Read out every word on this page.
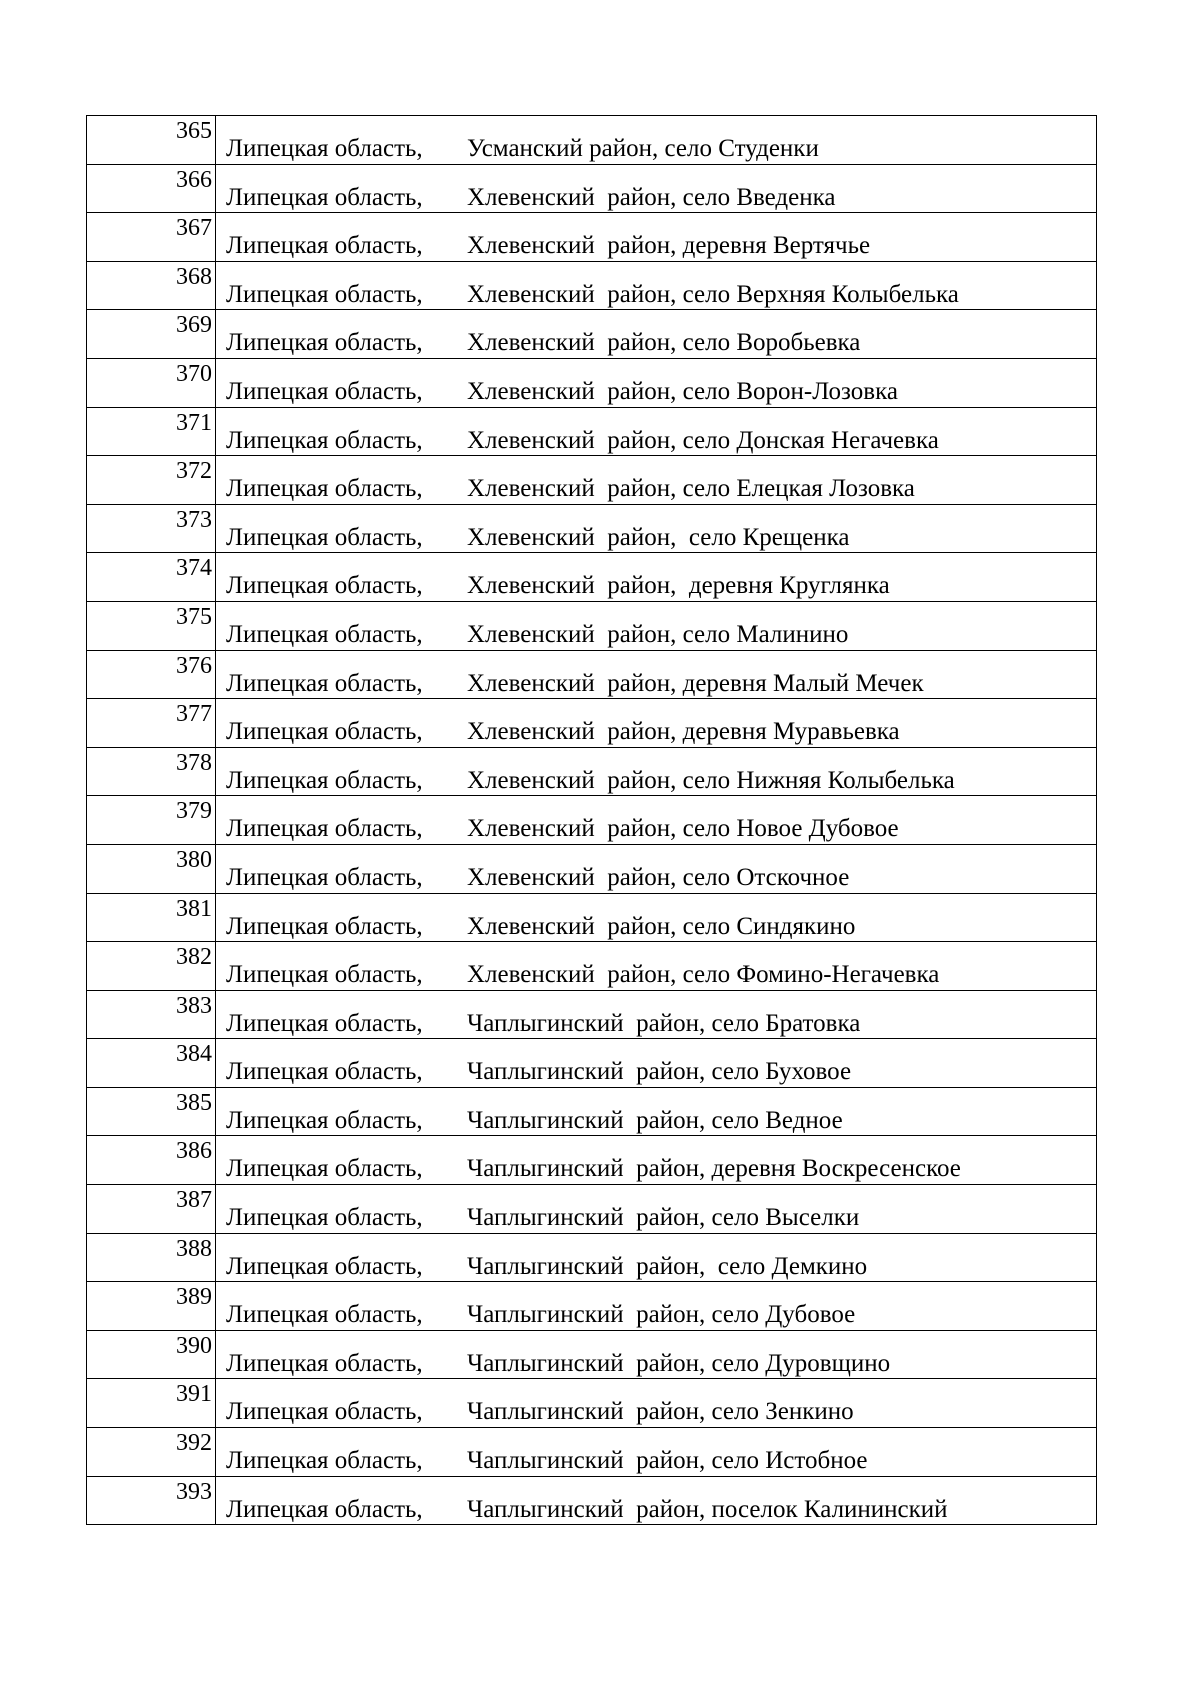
365	Липецкая область, Усманский район, село Студенки
366	Липецкая область, Хлевенский  район, село Введенка
367	Липецкая область, Хлевенский  район, деревня Вертячье
368	Липецкая область, Хлевенский  район, село Верхняя Колыбелька
369	Липецкая область, Хлевенский  район, село Воробьевка
370	Липецкая область, Хлевенский  район, село Ворон-Лозовка
371	Липецкая область, Хлевенский  район, село Донская Негачевка
372	Липецкая область, Хлевенский  район, село Елецкая Лозовка
373	Липецкая область, Хлевенский  район,  село Крещенка
374	Липецкая область, Хлевенский  район,  деревня Круглянка
375	Липецкая область, Хлевенский  район, село Малинино
376	Липецкая область, Хлевенский  район, деревня Малый Мечек
377	Липецкая область, Хлевенский  район, деревня Муравьевка
378	Липецкая область, Хлевенский  район, село Нижняя Колыбелька
379	Липецкая область, Хлевенский  район, село Новое Дубовое
380	Липецкая область, Хлевенский  район, село Отскочное
381	Липецкая область, Хлевенский  район, село Синдякино
382	Липецкая область, Хлевенский  район, село Фомино-Негачевка
383	Липецкая область, Чаплыгинский  район, село Братовка
384	Липецкая область, Чаплыгинский  район, село Буховое
385	Липецкая область, Чаплыгинский  район, село Ведное
386	Липецкая область, Чаплыгинский  район, деревня Воскресенское
387	Липецкая область, Чаплыгинский  район, село Выселки
388	Липецкая область, Чаплыгинский  район,  село Демкино
389	Липецкая область, Чаплыгинский  район, село Дубовое
390	Липецкая область, Чаплыгинский  район, село Дуровщино
391	Липецкая область, Чаплыгинский  район, село Зенкино
392	Липецкая область, Чаплыгинский  район, село Истобное
393	Липецкая область, Чаплыгинский  район, поселок Калининский
